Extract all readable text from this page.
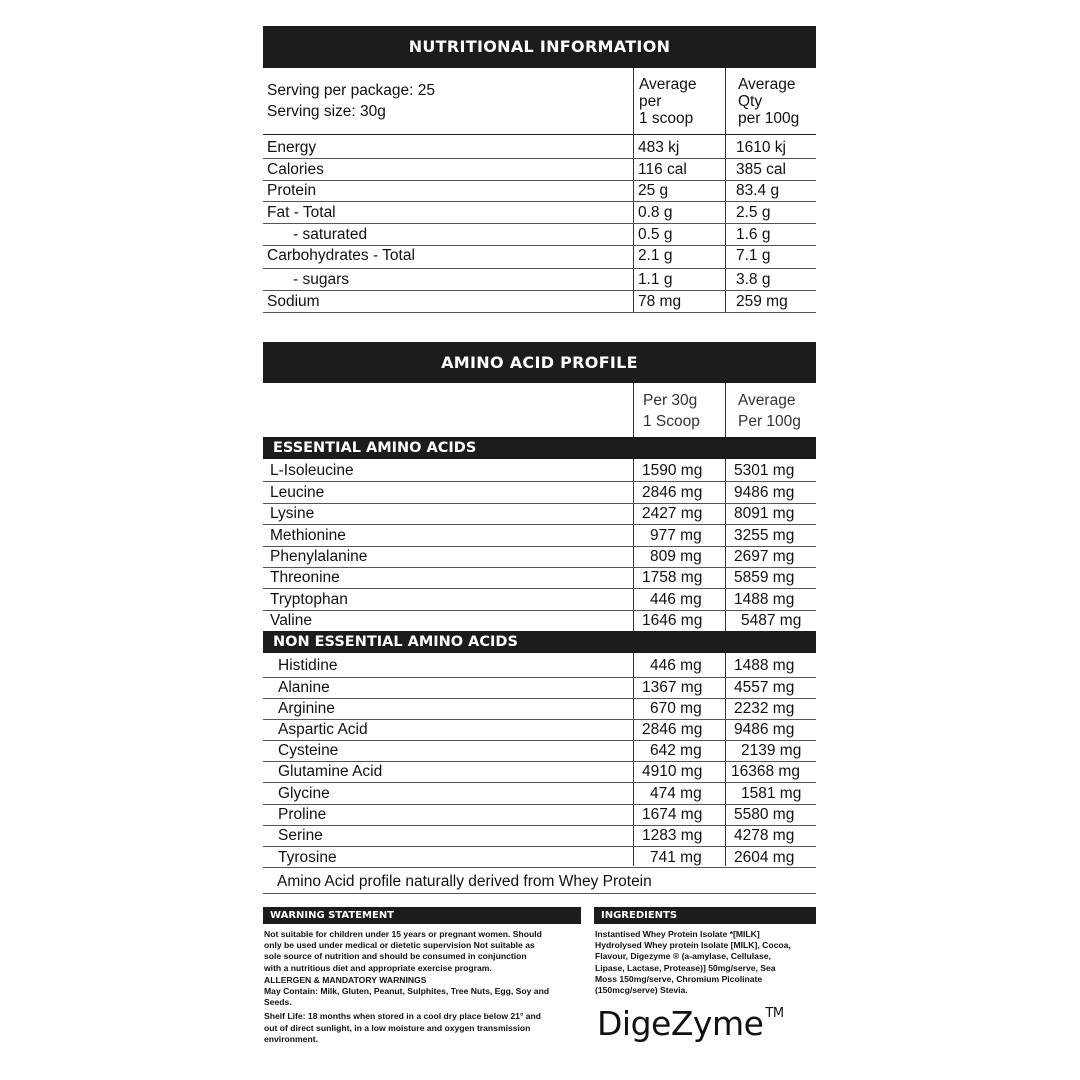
NUTRITIONAL INFORMATION
Serving per package: 25
Serving size: 30g
Average
per
1 scoop
Average
Qty
per 100g
Energy	483 kj	1610 kj
Calories	116 cal	385 cal
Protein	25 g	83.4 g
Fat - Total	0.8 g	2.5 g
- saturated	0.5 g	1.6 g
Carbohydrates - Total	2.1 g	7.1 g
- sugars	1.1 g	3.8 g
Sodium	78 mg	259 mg
AMINO ACID PROFILE
Per 30g
1 Scoop
Average
Per 100g
ESSENTIAL AMINO ACIDS
L-Isoleucine	1590 mg 5301 mg
Leucine	2846 mg 9486 mg
Lysine	2427 mg 8091 mg
Methionine	977 mg 3255 mg
Phenylalanine	809 mg 2697 mg
Threonine	1758 mg 5859 mg
Tryptophan	446 mg 1488 mg
Valine	1646 mg 5487 mg
NON ESSENTIAL AMINO ACIDS
Histidine	446 mg 1488 mg
Alanine	1367 mg 4557 mg
Arginine	670 mg 2232 mg
Aspartic Acid	2846 mg 9486 mg
Cysteine	642 mg	2139 mg
Glutamine Acid	4910 mg 16368 mg
Glycine	474 mg	1581 mg
Proline	1674 mg 5580 mg
Serine	1283 mg 4278 mg
Tyrosine	741 mg 2604 mg
Amino Acid profile naturally derived from Whey Protein
WARNING STATEMENT

Not suitable for children under 15 years or pregnant women. Should

only be used under medical or dietetic supervision Not suitable as

sole source of nutrition and should be consumed in conjunction

with a nutritious diet and appropriate exercise program.

ALLERGEN & MANDATORY WARNINGS

May Contain: Milk, Gluten, Peanut, Sulphites, Tree Nuts, Egg, Soy and

Seeds.

Shelf Life: 18 months when stored in a cool dry place below 21° and

out of direct sunlight, in a low moisture and oxygen transmission

environment.

INGREDIENTS

Instantised Whey Protein Isolate *[MILK]

Hydrolysed Whey protein Isolate [MILK], Cocoa,

Flavour, Digezyme ® (a-amylase, Cellulase,

Lipase, Lactase, Protease)] 50mg/serve, Sea

Moss 150mg/serve, Chromium Picolinate

(150mcg/serve) Stevia.

DigeZyme ™
